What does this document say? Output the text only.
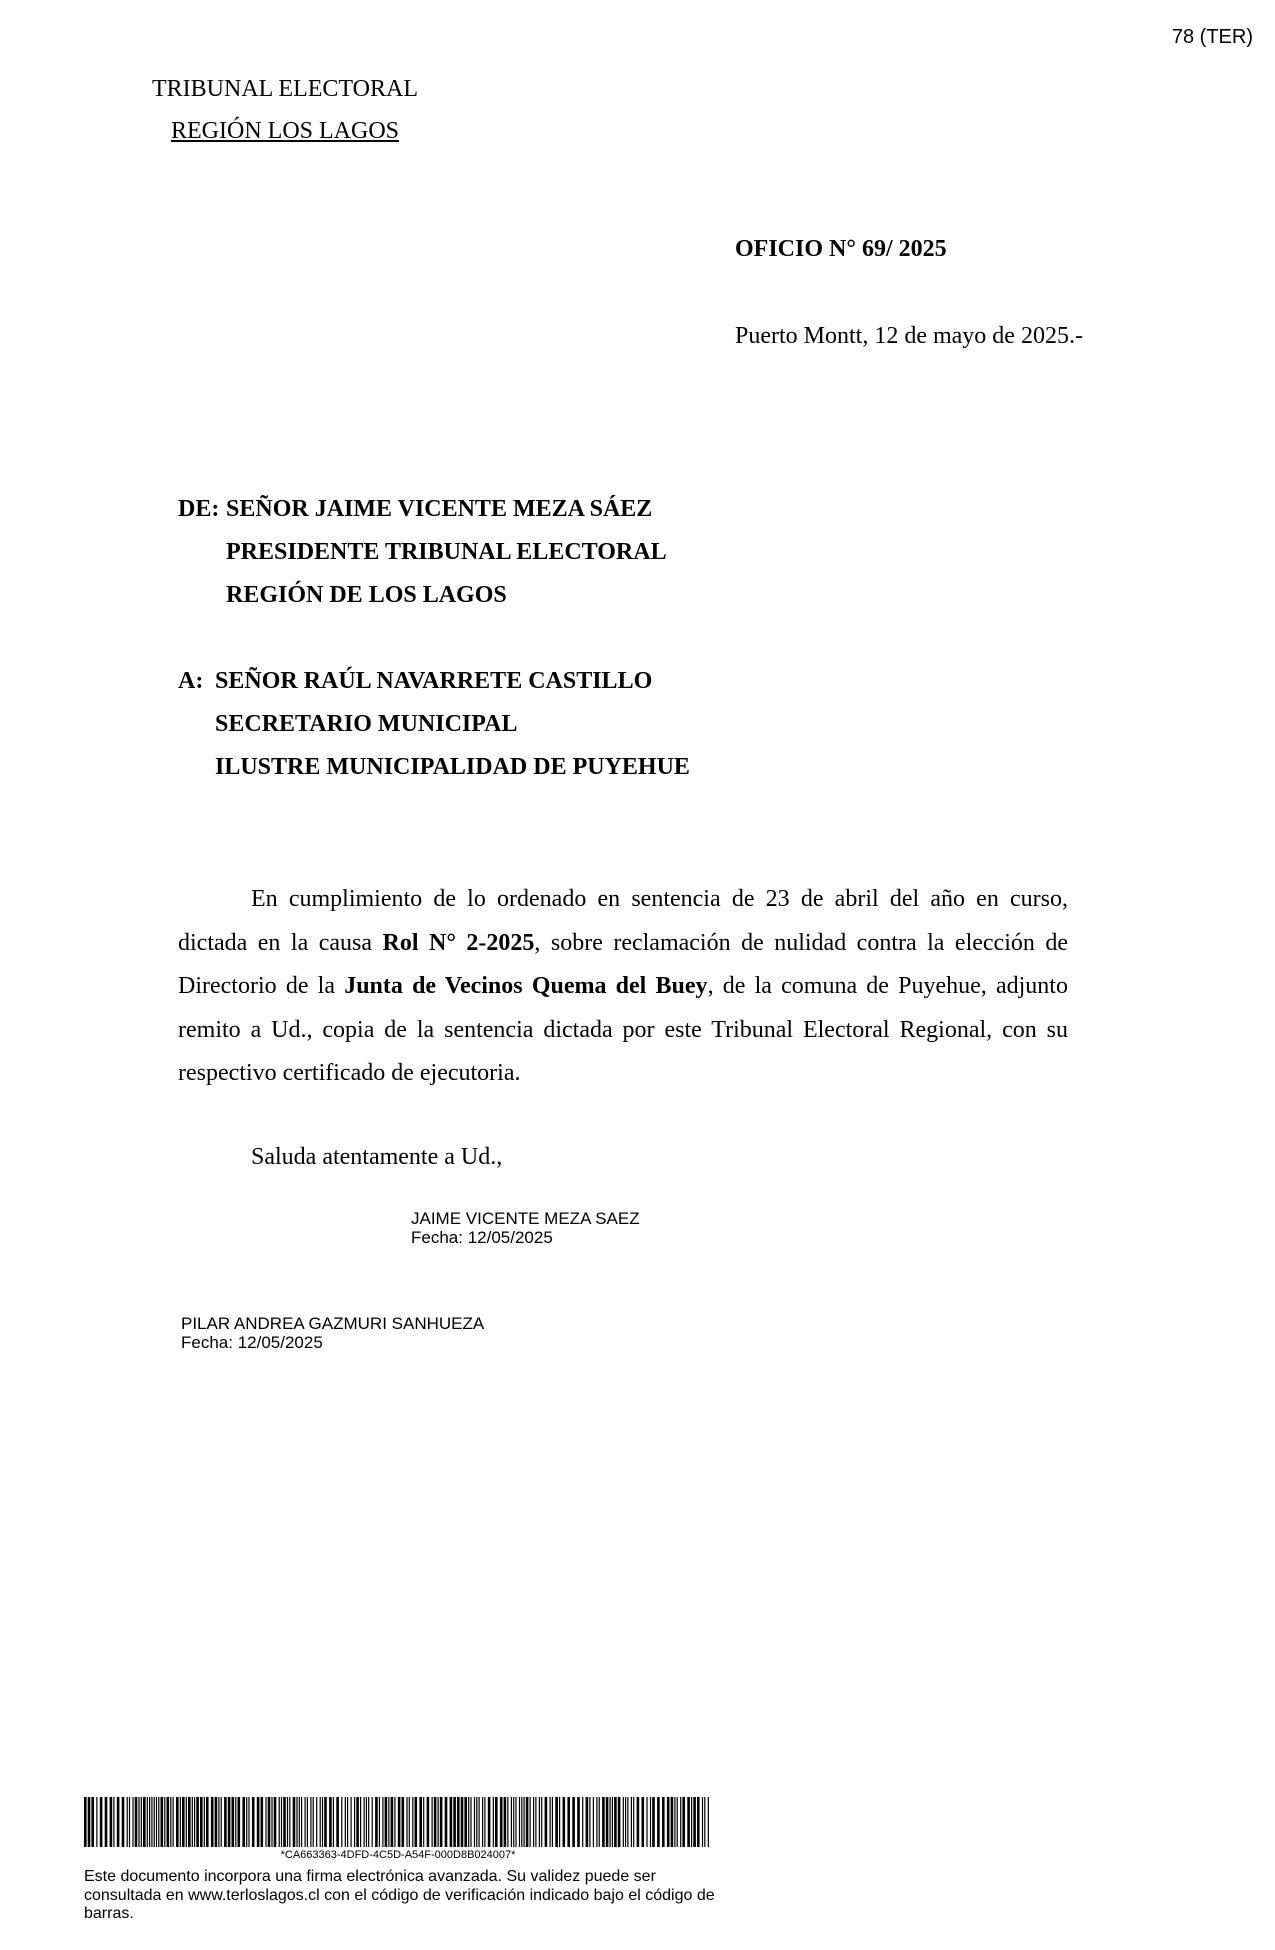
78 (TER)
TRIBUNAL ELECTORAL
REGIÓN LOS LAGOS
OFICIO N° 69/ 2025
Puerto Montt, 12 de mayo de 2025.-
DE: SEÑOR JAIME VICENTE MEZA SÁEZ
PRESIDENTE TRIBUNAL ELECTORAL
REGIÓN DE LOS LAGOS
A: SEÑOR RAÚL NAVARRETE CASTILLO
SECRETARIO MUNICIPAL
ILUSTRE MUNICIPALIDAD DE PUYEHUE

En cumplimiento de lo ordenado en sentencia de 23 de abril del año en curso, dictada en la causa Rol N° 2-2025, sobre reclamación de nulidad contra la elección de Directorio de la Junta de Vecinos Quema del Buey, de la comuna de Puyehue, adjunto remito a Ud., copia de la sentencia dictada por este Tribunal Electoral Regional, con su respectivo certificado de ejecutoria.

Saluda atentamente a Ud.,
JAIME VICENTE MEZA SAEZ
Fecha: 12/05/2025
PILAR ANDREA GAZMURI SANHUEZA
Fecha: 12/05/2025
*CA663363-4DFD-4C5D-A54F-000D8B024007*
Este documento incorpora una firma electrónica avanzada. Su validez puede ser consultada en www.terloslagos.cl con el código de verificación indicado bajo el código de barras.
